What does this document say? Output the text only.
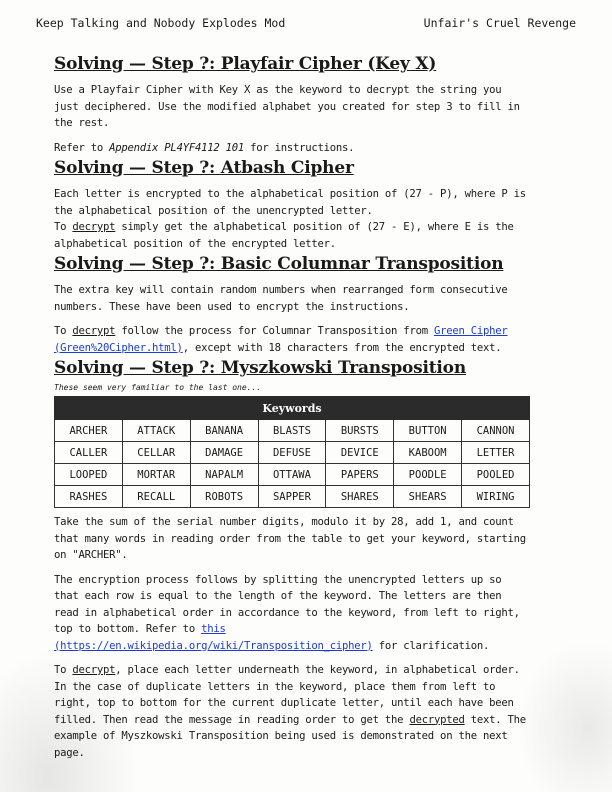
Keep Talking and Nobody Explodes Mod	Unfair's Cruel Revenge
Solving — Step ?: Playfair Cipher (Key X)

Use a Playfair Cipher with Key X as the keyword to decrypt the string you just deciphered. Use the modified alphabet you created for step 3 to fill in the rest.

Refer to Appendix PL4YF4112 101 for instructions.

Solving — Step ?: Atbash Cipher

Each letter is encrypted to the alphabetical position of (27 - P), where P is the alphabetical position of the unencrypted letter.

To decrypt simply get the alphabetical position of (27 - E), where E is the alphabetical position of the encrypted letter.

Solving — Step ?: Basic Columnar Transposition

The extra key will contain random numbers when rearranged form consecutive numbers. These have been used to encrypt the instructions.

To decrypt follow the process for Columnar Transposition from Green Cipher (Green%20Cipher.html), except with 18 characters from the encrypted text.

Solving — Step ?: Myszkowski Transposition
These seem very familiar to the last one...
Keywords						
ARCHER	ATTACK	BANANA	BLASTS	BURSTS	BUTTON	CANNON
CALLER	CELLAR	DAMAGE	DEFUSE	DEVICE	KABOOM	LETTER
LOOPED	MORTAR	NAPALM	OTTAWA	PAPERS	POODLE	POOLED
RASHES	RECALL	ROBOTS	SAPPER	SHARES	SHEARS	WIRING

Take the sum of the serial number digits, modulo it by 28, add 1, and count that many words in reading order from the table to get your keyword, starting on "ARCHER".

The encryption process follows by splitting the unencrypted letters up so that each row is equal to the length of the keyword. The letters are then read in alphabetical order in accordance to the keyword, from left to right, top to bottom. Refer to this (https://en.wikipedia.org/wiki/Transposition_cipher) for clarification.

To decrypt, place each letter underneath the keyword, in alphabetical order. In the case of duplicate letters in the keyword, place them from left to right, top to bottom for the current duplicate letter, until each have been filled. Then read the message in reading order to get the decrypted text. The example of Myszkowski Transposition being used is demonstrated on the next page.
